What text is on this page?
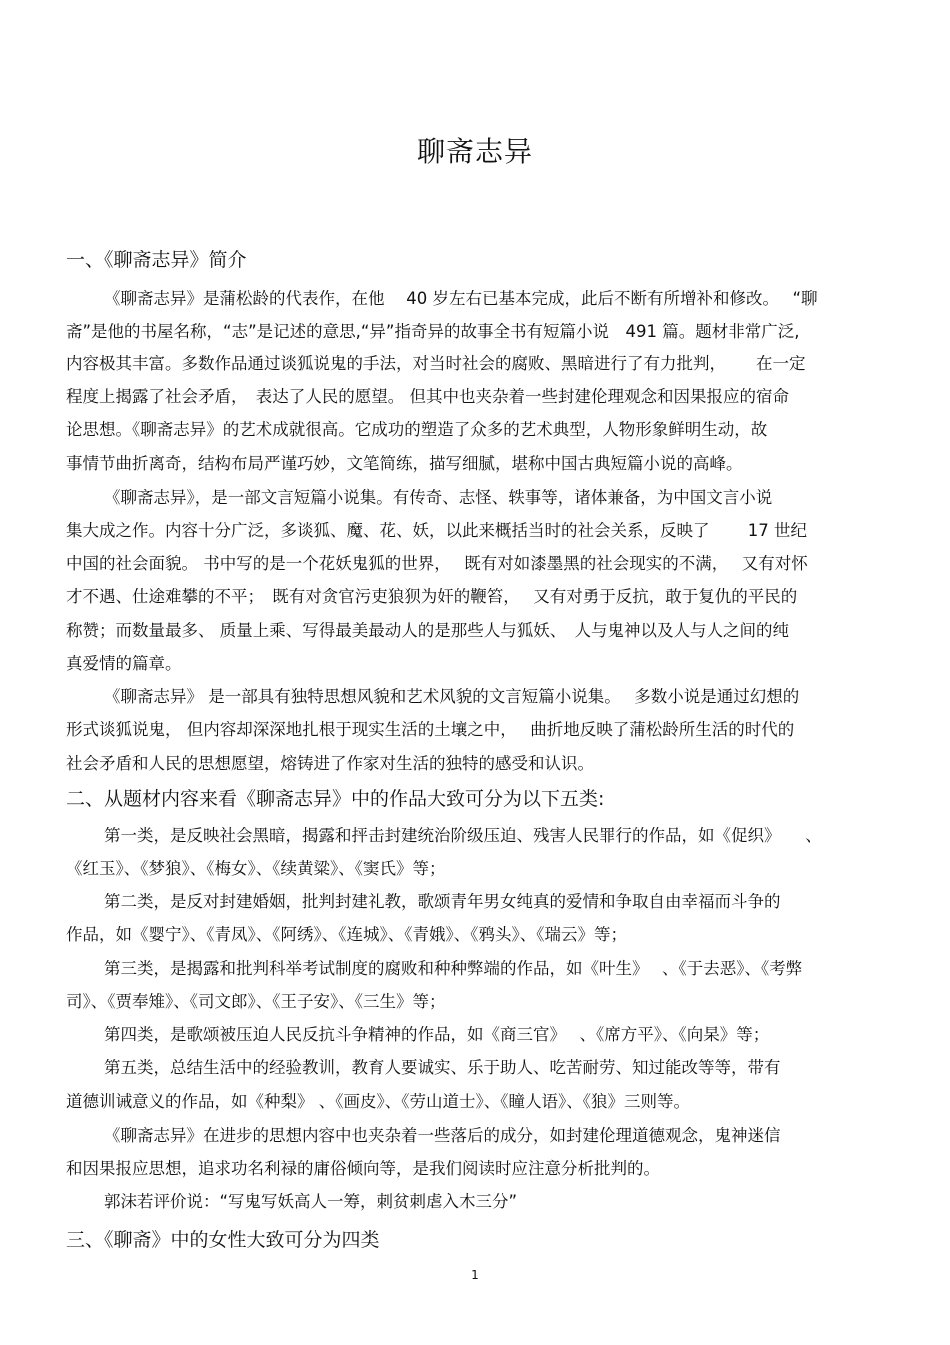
聊斋志异
一、《聊斋志异》简介

《聊斋志异》是蒲松龄的代表作，在他　 40 岁左右已基本完成，此后不断有所增补和修改。　 “聊

斋”是他的书屋名称，“志”是记述的意思,“异”指奇异的故事全书有短篇小说　491 篇。题材非常广泛,

内容极其丰富。多数作品通过谈狐说鬼的手法，对当时社会的腐败、黑暗进行了有力批判，　　 在一定

程度上揭露了社会矛盾，　表达了人民的愿望。 但其中也夹杂着一些封建伦理观念和因果报应的宿命

论思想。《聊斋志异》的艺术成就很高。它成功的塑造了众多的艺术典型，人物形象鲜明生动，故

事情节曲折离奇，结构布局严谨巧妙，文笔简练，描写细腻，堪称中国古典短篇小说的高峰。

《聊斋志异》，是一部文言短篇小说集。有传奇、志怪、轶事等，诸体兼备，为中国文言小说

集大成之作。内容十分广泛，多谈狐、魔、花、妖，以此来概括当时的社会关系，反映了　　 17 世纪

中国的社会面貌。 书中写的是一个花妖鬼狐的世界，　 既有对如漆墨黑的社会现实的不满，　 又有对怀

才不遇、仕途难攀的不平；　既有对贪官污吏狼狈为奸的鞭笞，　 又有对勇于反抗，敢于复仇的平民的

称赞；而数量最多、 质量上乘、写得最美最动人的是那些人与狐妖、　人与鬼神以及人与人之间的纯

真爱情的篇章。

《聊斋志异》 是一部具有独特思想风貌和艺术风貌的文言短篇小说集。　 多数小说是通过幻想的

形式谈狐说鬼， 但内容却深深地扎根于现实生活的土壤之中，　 曲折地反映了蒲松龄所生活的时代的

社会矛盾和人民的思想愿望，熔铸进了作家对生活的独特的感受和认识。

二、从题材内容来看《聊斋志异》中的作品大致可分为以下五类:

第一类，是反映社会黑暗，揭露和抨击封建统治阶级压迫、残害人民罪行的作品，如《促织》　　、

《红玉》、《梦狼》、《梅女》、《续黄粱》、《窦氏》等；

第二类，是反对封建婚姻，批判封建礼教，歌颂青年男女纯真的爱情和争取自由幸福而斗争的

作品，如《婴宁》、《青凤》、《阿绣》、《连城》、《青娥》、《鸦头》、《瑞云》等；

第三类，是揭露和批判科举考试制度的腐败和种种弊端的作品，如《叶生》　 、《于去恶》、《考弊

司》、《贾奉雉》、《司文郎》、《王子安》、《三生》等；

第四类，是歌颂被压迫人民反抗斗争精神的作品，如《商三官》　 、《席方平》、《向杲》等；

第五类，总结生活中的经验教训，教育人要诚实、乐于助人、吃苦耐劳、知过能改等等，带有

道德训诫意义的作品，如《种梨》 、《画皮》、《劳山道士》、《瞳人语》、《狼》三则等。

《聊斋志异》在进步的思想内容中也夹杂着一些落后的成分，如封建伦理道德观念，鬼神迷信

和因果报应思想，追求功名利禄的庸俗倾向等，是我们阅读时应注意分析批判的。

郭沫若评价说：“写鬼写妖高人一筹，刺贫刺虐入木三分”

三、《聊斋》中的女性大致可分为四类
1
